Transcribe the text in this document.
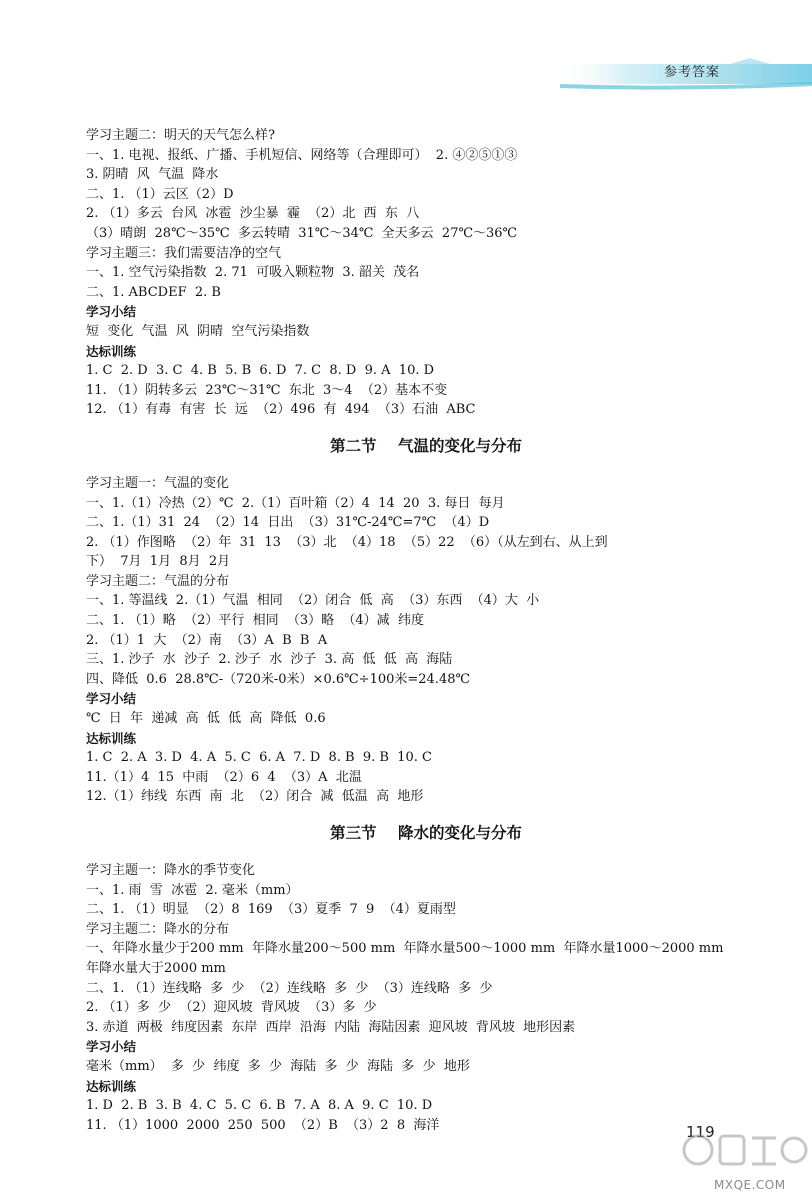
参考答案
学习主题二：明天的天气怎么样?
一、1. 电视、报纸、广播、手机短信、网络等（合理即可）  2. ④②⑤①③
3. 阴晴  风  气温  降水
二、1. （1）云区（2）D
2. （1）多云  台风  冰雹  沙尘暴  霾  （2）北  西  东  八
（3）晴朗  28℃～35℃  多云转晴  31℃～34℃  全天多云  27℃～36℃
学习主题三：我们需要洁净的空气
一、1. 空气污染指数  2. 71  可吸入颗粒物  3. 韶关  茂名
二、1. ABCDEF  2. B
学习小结
短  变化  气温  风  阴晴  空气污染指数
达标训练
1. C  2. D  3. C  4. B  5. B  6. D  7. C  8. D  9. A  10. D
11. （1）阴转多云  23℃～31℃  东北  3～4  （2）基本不变
12. （1）有毒  有害  长  远  （2）496  有  494  （3）石油  ABC
第二节    气温的变化与分布
学习主题一：气温的变化
一、1.（1）冷热（2）℃  2.（1）百叶箱（2）4  14  20  3. 每日  每月
二、1.（1）31  24  （2）14  日出  （3）31℃-24℃=7℃  （4）D
2. （1）作图略  （2）年  31  13  （3）北  （4）18  （5）22  （6）（从左到右、从上到
下）  7月  1月  8月  2月
学习主题二：气温的分布
一、1. 等温线  2.（1）气温  相同  （2）闭合  低  高  （3）东西  （4）大  小
二、1. （1）略  （2）平行  相同  （3）略  （4）减  纬度
2. （1）1  大  （2）南  （3）A  B  B  A
三、1. 沙子  水  沙子  2. 沙子  水  沙子  3. 高  低  低  高  海陆
四、降低  0.6  28.8℃-（720米-0米）×0.6℃÷100米=24.48℃
学习小结
℃  日  年  递减  高  低  低  高  降低  0.6
达标训练
1. C  2. A  3. D  4. A  5. C  6. A  7. D  8. B  9. B  10. C
11.（1）4  15  中雨  （2）6  4  （3）A  北温
12.（1）纬线  东西  南  北  （2）闭合  减  低温  高  地形
第三节    降水的变化与分布
学习主题一：降水的季节变化
一、1. 雨  雪  冰雹  2. 毫米（mm）
二、1. （1）明显  （2）8  169  （3）夏季  7  9  （4）夏雨型
学习主题二：降水的分布
一、年降水量少于200 mm  年降水量200～500 mm  年降水量500～1000 mm  年降水量1000～2000 mm
年降水量大于2000 mm
二、1. （1）连线略  多  少  （2）连线略  多  少  （3）连线略  多  少
2. （1）多  少  （2）迎风坡  背风坡  （3）多  少
3. 赤道  两极  纬度因素  东岸  西岸  沿海  内陆  海陆因素  迎风坡  背风坡  地形因素
学习小结
毫米（mm）  多  少  纬度  多  少  海陆  多  少  海陆  多  少  地形
达标训练
1. D  2. B  3. B  4. C  5. C  6. B  7. A  8. A  9. C  10. D
11. （1）1000  2000  250  500  （2）B  （3）2  8  海洋	119
MXQE.COM
